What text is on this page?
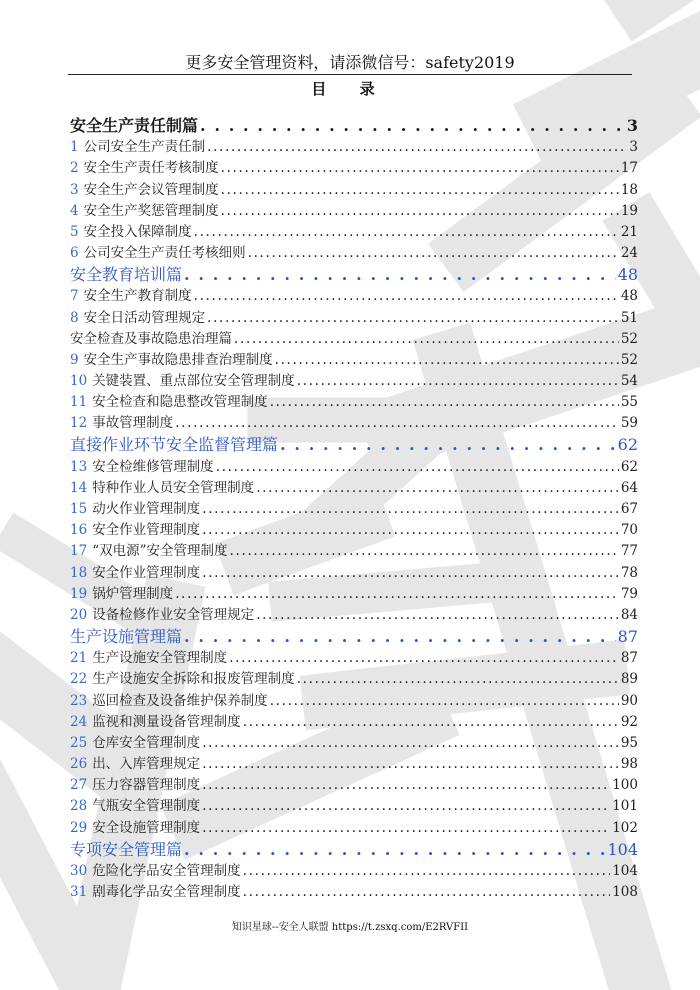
更多安全管理资料，请添微信号：safety2019
目 录
安全生产责任制篇 . . .	3
1 公司安全生产责任制 . . .	3
2 安全生产责任考核制度 . . .	17
3 安全生产会议管理制度 . . .	18
4 安全生产奖惩管理制度 . . .	19
5 安全投入保障制度 . . .	21
6 公司安全生产责任考核细则 . . .	24
安全教育培训篇 . . .	48
7 安全生产教育制度 . . .	48
8 安全日活动管理规定 . . .	51
安全检查及事故隐患治理篇 . . .	52
9 安全生产事故隐患排查治理制度 . . .	52
10 关键装置、重点部位安全管理制度 . . .	54
11 安全检查和隐患整改管理制度 . . .	55
12 事故管理制度 . . .	59
直接作业环节安全监督管理篇 . . .	62
13 安全检维修管理制度 . . .	62
14 特种作业人员安全管理制度 . . .	64
15 动火作业管理制度 . . .	67
16 安全作业管理制度 . . .	70
17 “双电源”安全管理制度 . . .	77
18 安全作业管理制度 . . .	78
19 锅炉管理制度 . . .	79
20 设备检修作业安全管理规定 . . .	84
生产设施管理篇 . . .	87
21 生产设施安全管理制度 . . .	87
22 生产设施安全拆除和报废管理制度 . . .	89
23 巡回检查及设备维护保养制度 . . .	90
24 监视和测量设备管理制度 . . .	92
25 仓库安全管理制度 . . .	95
26 出、入库管理规定 . . .	98
27 压力容器管理制度 . . .	100
28 气瓶安全管理制度 . . .	101
29 安全设施管理制度 . . .	102
专项安全管理篇 . . .	104
30 危险化学品安全管理制度 . . .	104
31 剧毒化学品安全管理制度 . . .	108
知识星球--安全人联盟 https://t.zsxq.com/E2RVFII
